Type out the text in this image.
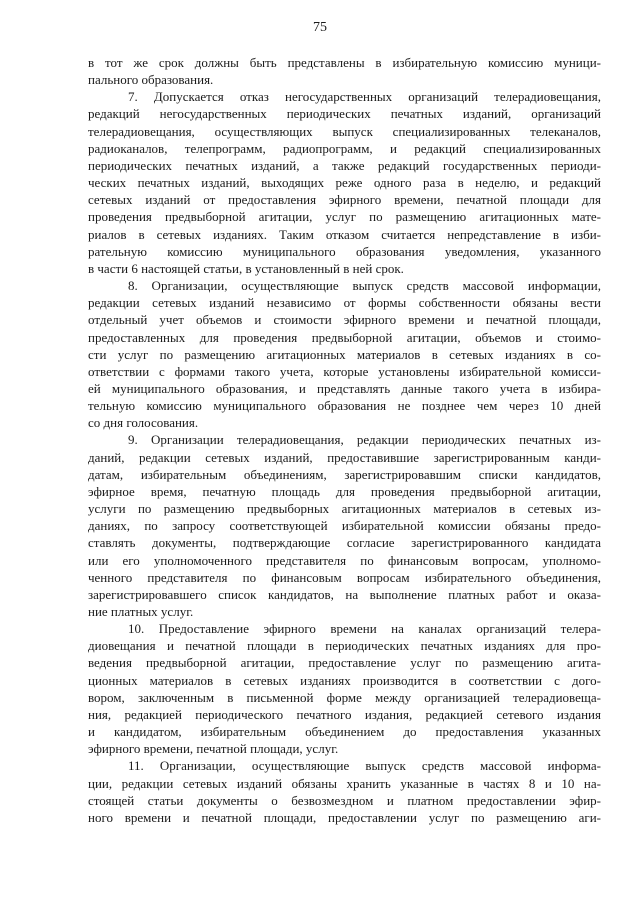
75
в тот же срок должны быть представлены в избирательную комиссию муници-
пального образования.
7. Допускается отказ негосударственных организаций телерадиовещания,
редакций негосударственных периодических печатных изданий, организаций
телерадиовещания, осуществляющих выпуск специализированных телеканалов,
радиоканалов, телепрограмм, радиопрограмм, и редакций специализированных
периодических печатных изданий, а также редакций государственных периоди-
ческих печатных изданий, выходящих реже одного раза в неделю, и редакций
сетевых изданий от предоставления эфирного времени, печатной площади для
проведения предвыборной агитации, услуг по размещению агитационных мате-
риалов в сетевых изданиях. Таким отказом считается непредставление в изби-
рательную комиссию муниципального образования уведомления, указанного
в части 6 настоящей статьи, в установленный в ней срок.
8. Организации, осуществляющие выпуск средств массовой информации,
редакции сетевых изданий независимо от формы собственности обязаны вести
отдельный учет объемов и стоимости эфирного времени и печатной площади,
предоставленных для проведения предвыборной агитации, объемов и стоимо-
сти услуг по размещению агитационных материалов в сетевых изданиях в со-
ответствии с формами такого учета, которые установлены избирательной комисси-
ей муниципального образования, и представлять данные такого учета в избира-
тельную комиссию муниципального образования не позднее чем через 10 дней
со дня голосования.
9. Организации телерадиовещания, редакции периодических печатных из-
даний, редакции сетевых изданий, предоставившие зарегистрированным канди-
датам, избирательным объединениям, зарегистрировавшим списки кандидатов,
эфирное время, печатную площадь для проведения предвыборной агитации,
услуги по размещению предвыборных агитационных материалов в сетевых из-
даниях, по запросу соответствующей избирательной комиссии обязаны предо-
ставлять документы, подтверждающие согласие зарегистрированного кандидата
или его уполномоченного представителя по финансовым вопросам, уполномо-
ченного представителя по финансовым вопросам избирательного объединения,
зарегистрировавшего список кандидатов, на выполнение платных работ и оказа-
ние платных услуг.
10. Предоставление эфирного времени на каналах организаций телера-
диовещания и печатной площади в периодических печатных изданиях для про-
ведения предвыборной агитации, предоставление услуг по размещению агита-
ционных материалов в сетевых изданиях производится в соответствии с дого-
вором, заключенным в письменной форме между организацией телерадиовеща-
ния, редакцией периодического печатного издания, редакцией сетевого издания
и кандидатом, избирательным объединением до предоставления указанных
эфирного времени, печатной площади, услуг.
11. Организации, осуществляющие выпуск средств массовой информа-
ции, редакции сетевых изданий обязаны хранить указанные в частях 8 и 10 на-
стоящей статьи документы о безвозмездном и платном предоставлении эфир-
ного времени и печатной площади, предоставлении услуг по размещению аги-
